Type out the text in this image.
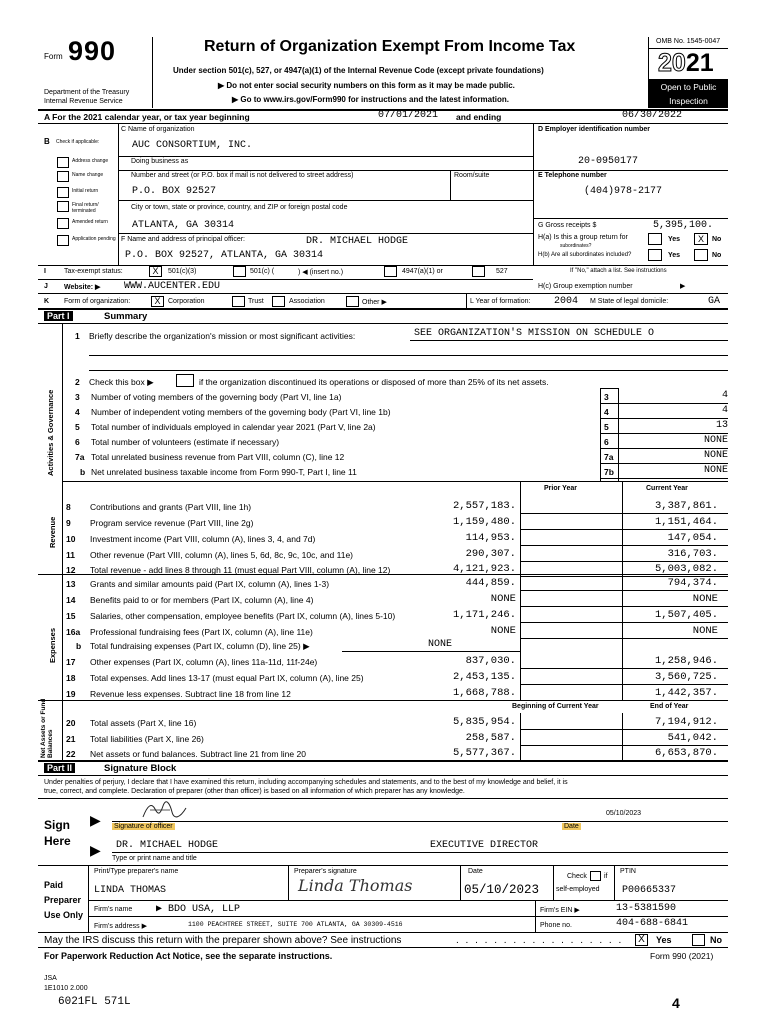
Form 990
Department of the Treasury
Internal Revenue Service
Return of Organization Exempt From Income Tax
Under section 501(c), 527, or 4947(a)(1) of the Internal Revenue Code (except private foundations)
▶ Do not enter social security numbers on this form as it may be made public.
▶ Go to www.irs.gov/Form990 for instructions and the latest information.
OMB No. 1545-0047
2021
Open to Public
Inspection
A For the 2021 calendar year, or tax year beginning	07/01/2021 and ending	06/30/2022
B Check if applicable:
Address change
Name change
Initial return
Final return/ terminated
Amended return
Application pending
C Name of organization
AUC CONSORTIUM, INC.
Doing business as
Number and street (or P.O. box if mail is not delivered to street address)	Room/suite
P.O. BOX 92527
City or town, state or province, country, and ZIP or foreign postal code
ATLANTA, GA 30314
F Name and address of principal officer:	DR. MICHAEL HODGE
P.O. BOX 92527, ATLANTA, GA 30314
D Employer identification number
20-0950177
E Telephone number
(404)978-2177
G Gross receipts $	5,395,100.
H(a) Is this a group return for
subordinates?
Yes	X	No
H(b) Are all subordinates included?	Yes	No
If "No," attach a list. See instructions
I	Tax-exempt status:	X	501(c)(3)	501(c) (	) ◀ (insert no.)	4947(a)(1) or	527
J Website: ▶ WWW.AUCENTER.EDU	H(c) Group exemption number	▶
K Form of organization:	X	Corporation	Trust	Association	Other ▶	L Year of formation: 2004 M State of legal domicile:	GA
Part I	Summary
1 Briefly describe the organization's mission or most significant activities:	SEE ORGANIZATION'S MISSION ON SCHEDULE O
2 Check this box ▶	if the organization discontinued its operations or disposed of more than 25% of its net assets.
3 Number of voting members of the governing body (Part VI, line 1a)	3	4
4 Number of independent voting members of the governing body (Part VI, line 1b)	4	4
5 Total number of individuals employed in calendar year 2021 (Part V, line 2a)	5	13
6 Total number of volunteers (estimate if necessary)	6	NONE
7a Total unrelated business revenue from Part VIII, column (C), line 12	7a	NONE
b Net unrelated business taxable income from Form 990-T, Part I, line 11	7b	NONE
Activities & Governance
Prior Year	Current Year
8 Contributions and grants (Part VIII, line 1h)	2,557,183.	3,387,861.
9 Program service revenue (Part VIII, line 2g)	1,159,480.	1,151,464.
10 Investment income (Part VIII, column (A), lines 3, 4, and 7d)	114,953.	147,054.
11 Other revenue (Part VIII, column (A), lines 5, 6d, 8c, 9c, 10c, and 11e)	290,307.	316,703.
12 Total revenue - add lines 8 through 11 (must equal Part VIII, column (A), line 12)	4,121,923.	5,003,082.
Revenue
13 Grants and similar amounts paid (Part IX, column (A), lines 1-3)	444,859.	794,374.
14 Benefits paid to or for members (Part IX, column (A), line 4)	NONE	NONE
15 Salaries, other compensation, employee benefits (Part IX, column (A), lines 5-10)	1,171,246.	1,507,405.
16a Professional fundraising fees (Part IX, column (A), line 11e)	NONE	NONE
b Total fundraising expenses (Part IX, column (D), line 25) ▶	NONE
17 Other expenses (Part IX, column (A), lines 11a-11d, 11f-24e)	837,030.	1,258,946.
18 Total expenses. Add lines 13-17 (must equal Part IX, column (A), line 25)	2,453,135.	3,560,725.
19 Revenue less expenses. Subtract line 18 from line 12	1,668,788.	1,442,357.
Expenses
Beginning of Current Year	End of Year
20 Total assets (Part X, line 16)	5,835,954.	7,194,912.
21 Total liabilities (Part X, line 26)	258,587.	541,042.
22 Net assets or fund balances. Subtract line 21 from line 20	5,577,367.	6,653,870.
Net Assets or Fund Balances
Part II	Signature Block
Under penalties of perjury, I declare that I have examined this return, including accompanying schedules and statements, and to the best of my knowledge and belief, it is
true, correct, and complete. Declaration of preparer (other than officer) is based on all information of which preparer has any knowledge.
Sign
Here
▶
▶
05/10/2023
Signature of officer	Date
DR. MICHAEL HODGE	EXECUTIVE DIRECTOR
Type or print name and title
Paid
Preparer
Use Only
Print/Type preparer's name	Preparer's signature	Date
Check if
self-employed
PTIN
LINDA THOMAS	Linda Thomas	05/10/2023	P00665337
Firm's name ▶ BDO USA, LLP	Firm's EIN ▶	13-5381590
Firm's address ▶	1100 PEACHTREE STREET, SUITE 700 ATLANTA, GA 30309-4516	Phone no.	404-688-6841
May the IRS discuss this return with the preparer shown above? See instructions	. . . . . . . . . . . . . . . . . .	X	Yes	No
For Paperwork Reduction Act Notice, see the separate instructions.	Form 990 (2021)
JSA
1E1010 2.000
6021FL 571L	4
